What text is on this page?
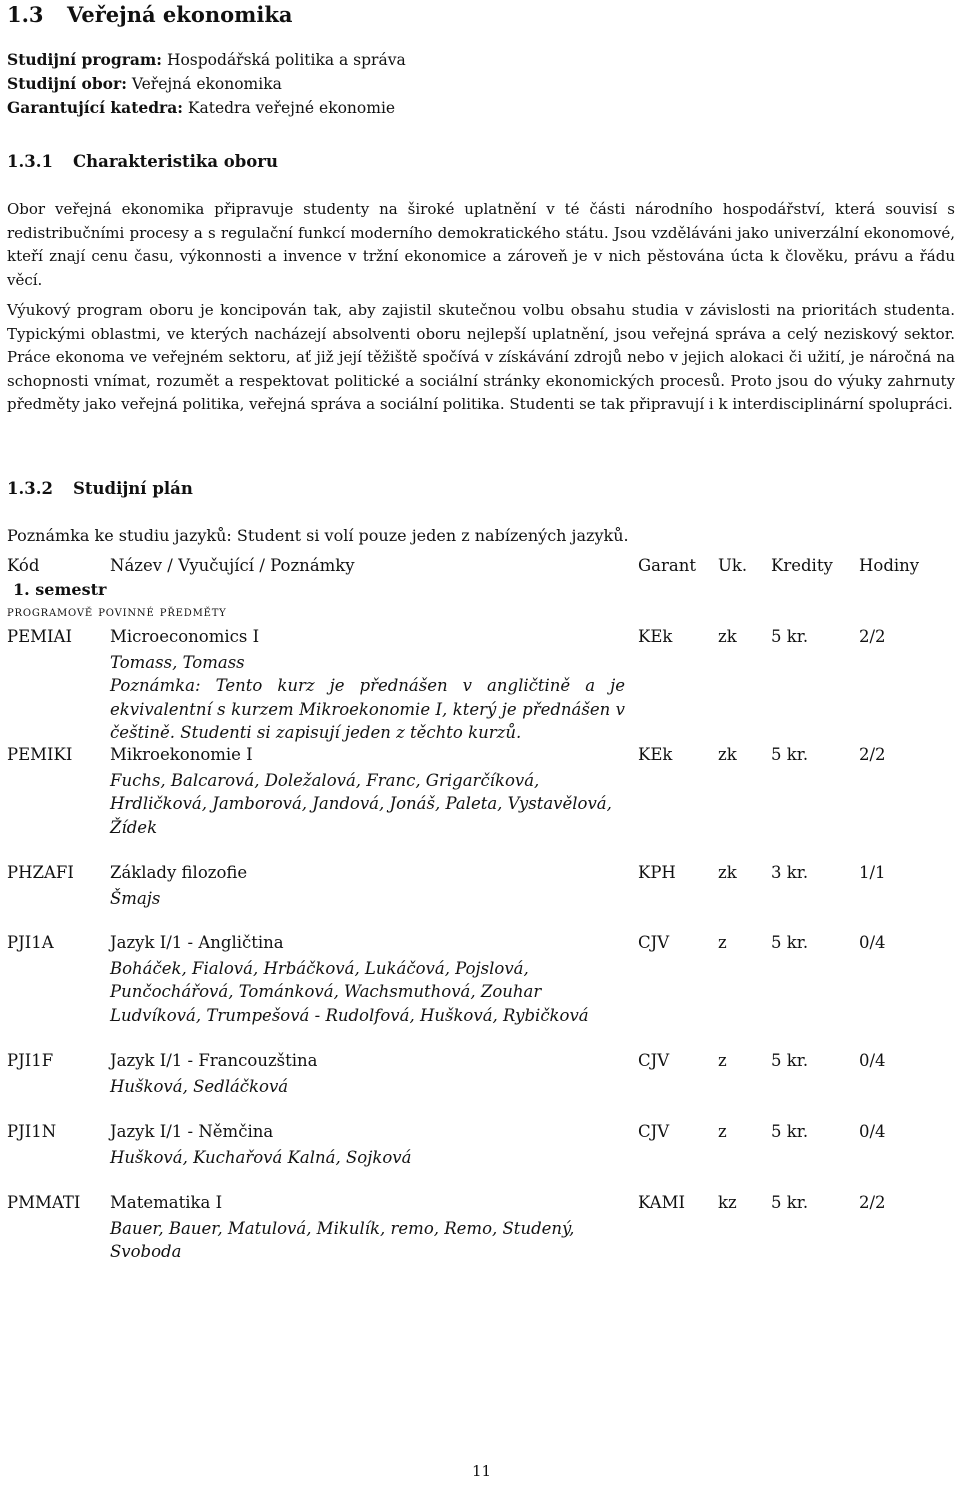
1.3 Veřejná ekonomika
Studijní program: Hospodářská politika a správa
Studijní obor: Veřejná ekonomika
Garantující katedra: Katedra veřejné ekonomie
1.3.1 Charakteristika oboru

Obor veřejná ekonomika připravuje studenty na široké uplatnění v té části národního hospodářství, která souvisí s redistribučními procesy a s regulační funkcí moderního demokratického státu. Jsou vzděláváni jako univerzální ekonomové, kteří znají cenu času, výkonnosti a invence v tržní ekonomice a zároveň je v nich pěstována úcta k člověku, právu a řádu věcí.

Výukový program oboru je koncipován tak, aby zajistil skutečnou volbu obsahu studia v závislosti na prioritách studenta. Typickými oblastmi, ve kterých nacházejí absolventi oboru nejlepší uplatnění, jsou veřejná správa a celý neziskový sektor. Práce ekonoma ve veřejném sektoru, ať již její těžiště spočívá v získávání zdrojů nebo v jejich alokaci či užití, je náročná na schopnosti vnímat, rozumět a respektovat politické a sociální stránky ekonomických procesů. Proto jsou do výuky zahrnuty předměty jako veřejná politika, veřejná správa a sociální politika. Studenti se tak připravují i k interdisciplinární spolupráci.

1.3.2 Studijní plán
Poznámka ke studiu jazyků: Student si volí pouze jeden z nabízených jazyků.
Kód	Název / Vyučující / Poznámky	Garant Uk. Kredity Hodiny
1. semestr
programově povinné předměty
PEMIAI Microeconomics I
Tomass, Tomass

Poznámka: Tento kurz je přednášen v angličtině a je ekvivalentní s kurzem Mikroekonomie I, který je přednášen v češtině. Studenti si zapisují jeden z těchto kurzů.

KEk	zk 5 kr.	2/2
PEMIKI Mikroekonomie I
Fuchs, Balcarová, Doležalová, Franc, Grigarčíková, Hrdličková, Jamborová, Jandová, Jonáš, Paleta, Vystavělová, Žídek
KEk	zk 5 kr.	2/2
PHZAFI Základy filozofie
Šmajs
KPH	zk 3 kr.	1/1
PJI1A	Jazyk I/1 - Angličtina
Boháček, Fialová, Hrbáčková, Lukáčová, Pojslová, Punčochářová, Tománková, Wachsmuthová, Zouhar Ludvíková, Trumpešová - Rudolfová, Hušková, Rybičková
CJV	z	5 kr.	0/4
PJI1F	Jazyk I/1 - Francouzština
Hušková, Sedláčková
CJV	z	5 kr.	0/4
PJI1N	Jazyk I/1 - Němčina
Hušková, Kuchařová Kalná, Sojková
CJV	z	5 kr.	0/4
PMMATI Matematika I
Bauer, Bauer, Matulová, Mikulík, remo, Remo, Studený, Svoboda
KAMI kz 5 kr.	2/2
11
